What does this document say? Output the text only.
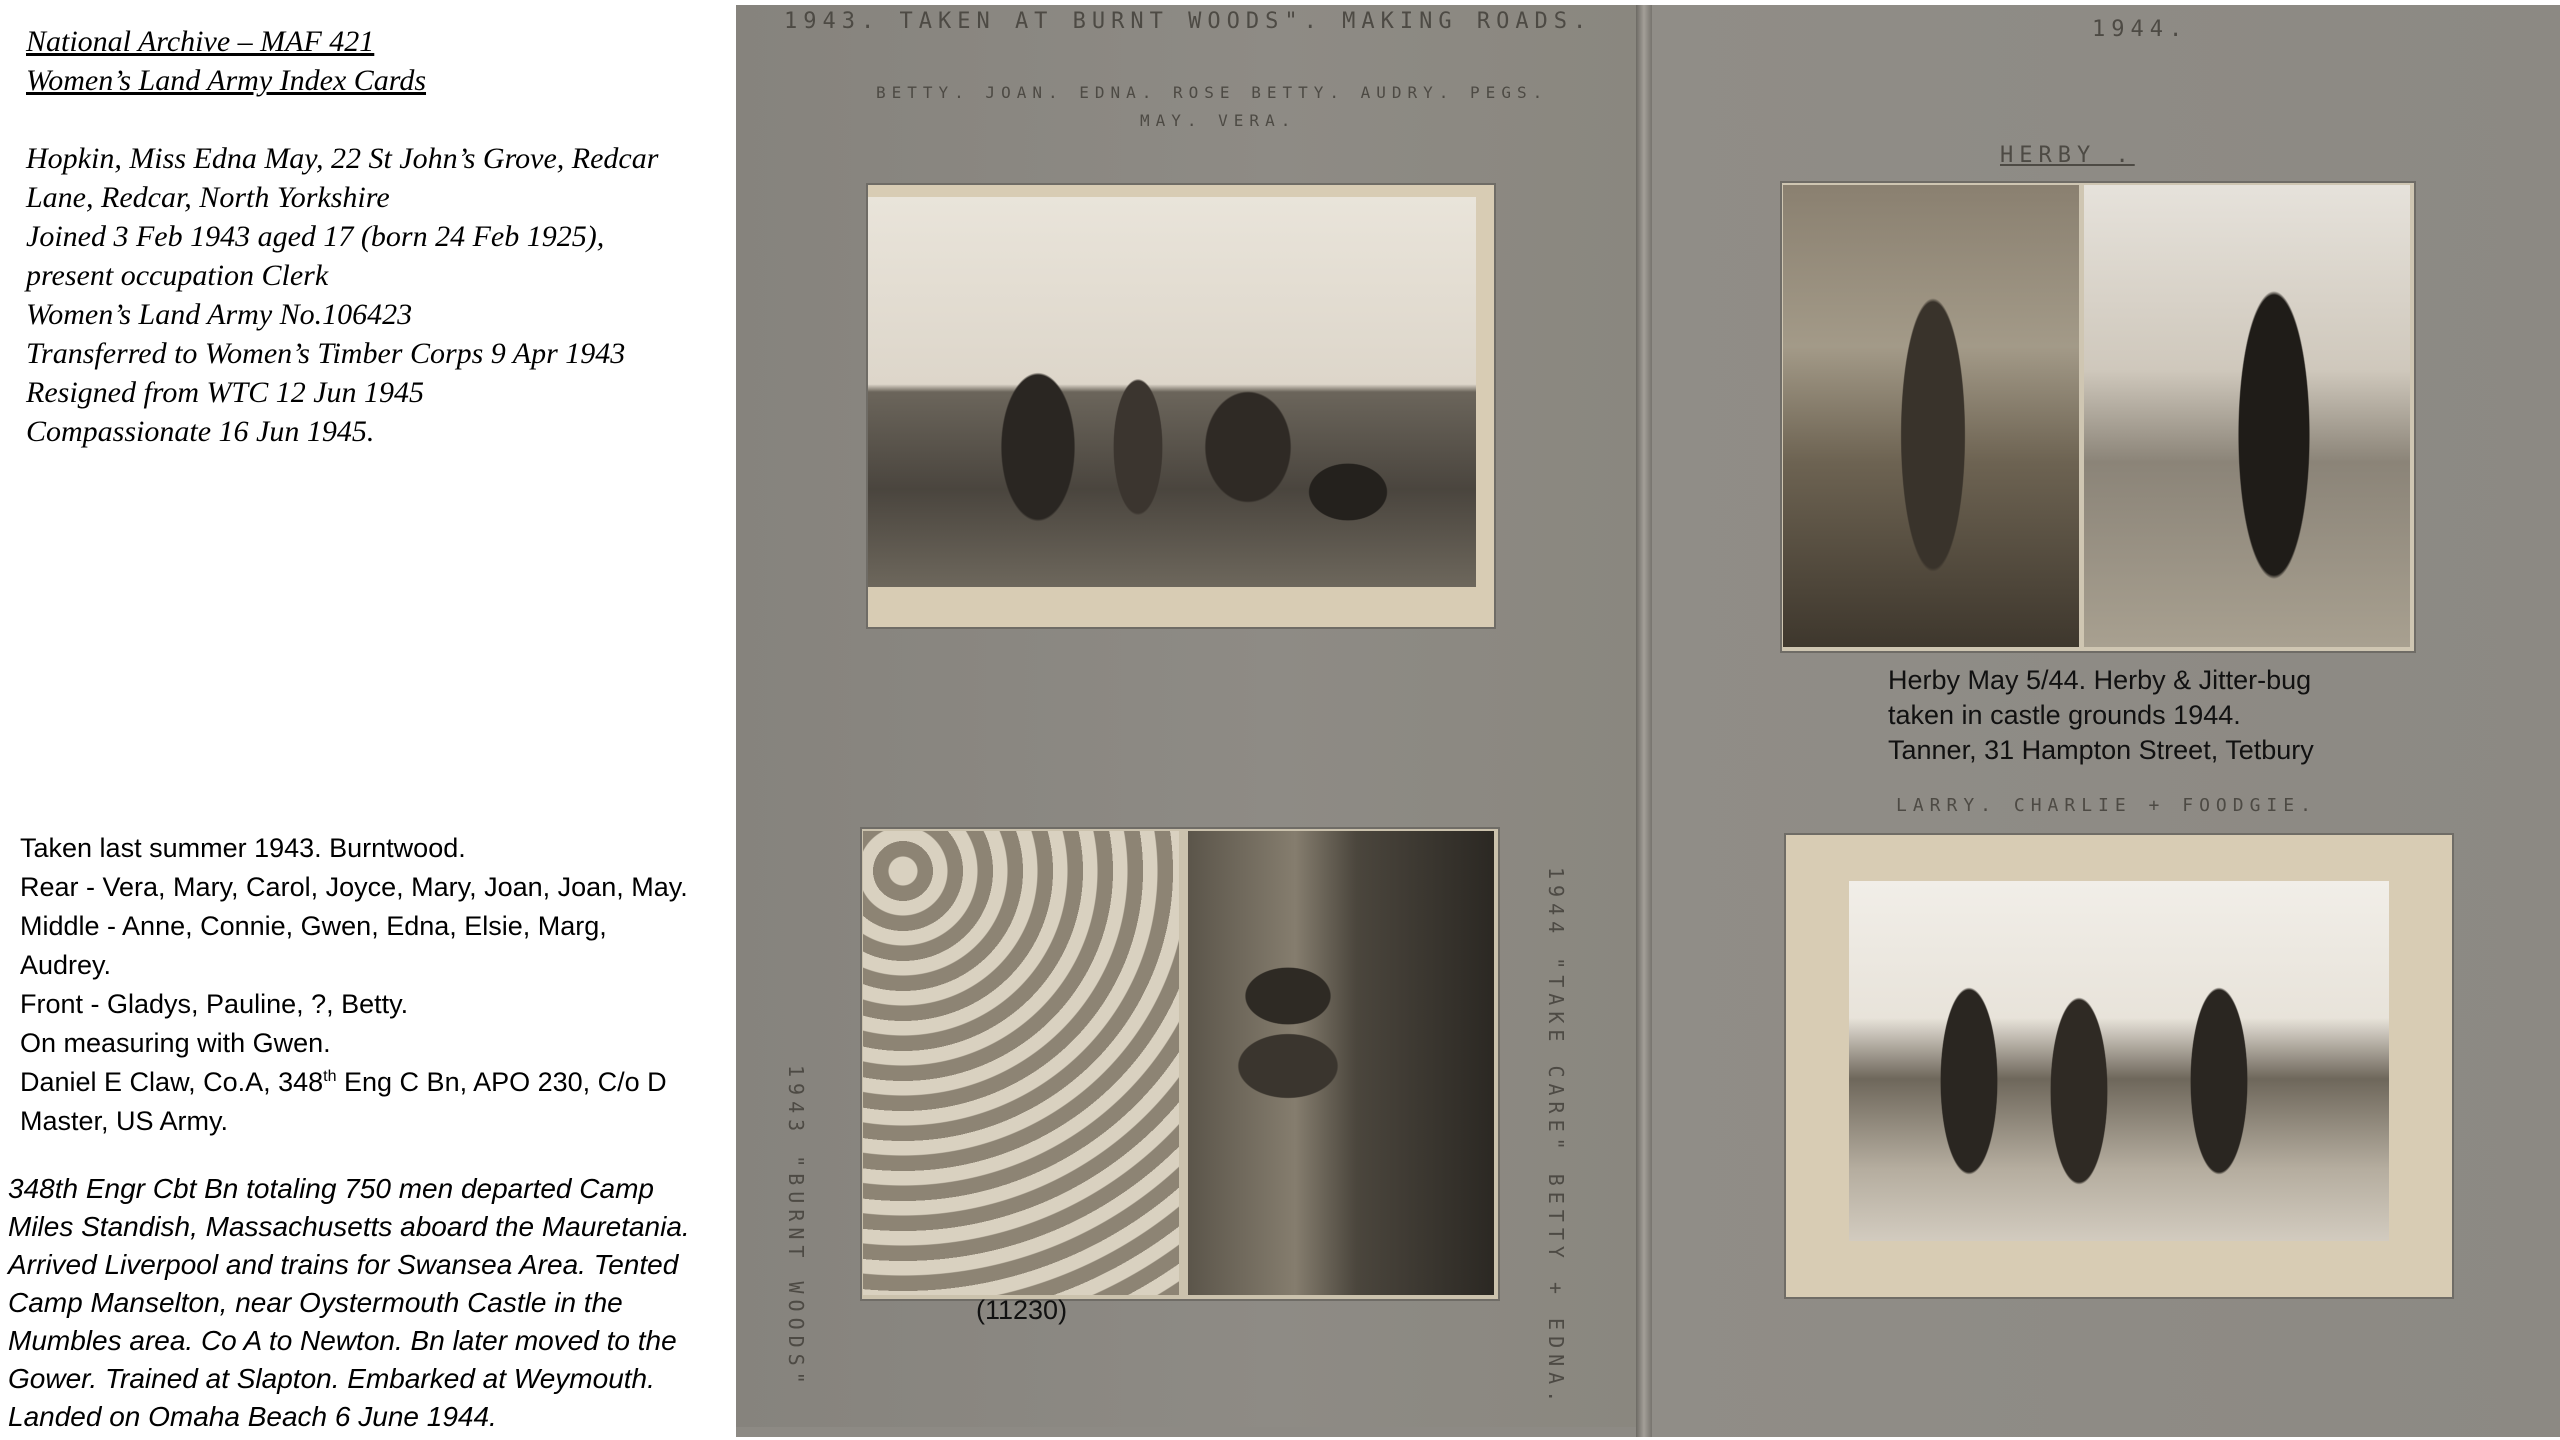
National Archive – MAF 421
Women’s Land Army Index Cards
Hopkin, Miss Edna May, 22 St John’s Grove, Redcar
Lane, Redcar, North Yorkshire
Joined 3 Feb 1943 aged 17 (born 24 Feb 1925),
present occupation Clerk
Women’s Land Army No.106423
Transferred to Women’s Timber Corps 9 Apr 1943
Resigned from WTC 12 Jun 1945
Compassionate 16 Jun 1945.
Taken last summer 1943. Burntwood.
Rear - Vera, Mary, Carol, Joyce, Mary, Joan, Joan, May.
Middle - Anne, Connie, Gwen, Edna, Elsie, Marg,
Audrey.
Front - Gladys, Pauline, ?, Betty.
On measuring with Gwen.
Daniel E Claw, Co.A, 348th Eng C Bn, APO 230, C/o D
Master, US Army.
348th Engr Cbt Bn totaling 750 men departed Camp
Miles Standish, Massachusetts aboard the Mauretania.
Arrived Liverpool and trains for Swansea Area. Tented
Camp Manselton, near Oystermouth Castle in the
Mumbles area. Co A to Newton. Bn later moved to the
Gower. Trained at Slapton. Embarked at Weymouth.
Landed on Omaha Beach 6 June 1944.
1943. TAKEN AT BURNT WOODS". MAKING ROADS.
BETTY. JOAN. EDNA. ROSE BETTY. AUDRY. PEGS.
MAY. VERA.
1944.
HERBY .
1943 "BURNT WOODS"	1944 "TAKE CARE" BETTY + EDNA.
LARRY. CHARLIE + FOODGIE.
Herby May 5/44. Herby & Jitter-bug
taken in castle grounds 1944.
Tanner, 31 Hampton Street, Tetbury
(11230)
